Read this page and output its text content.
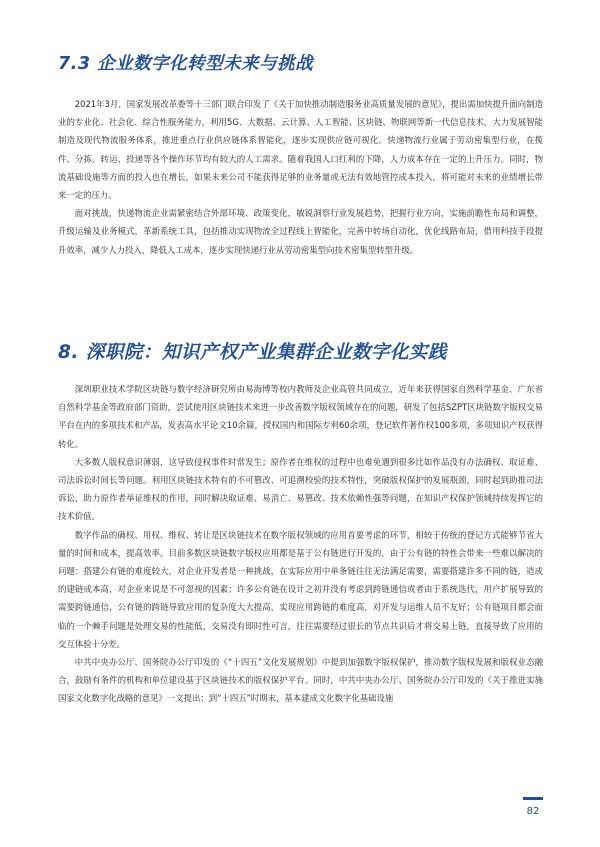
7.3 企业数字化转型未来与挑战

2021年3月，国家发展改革委等十三部门联合印发了《关于加快推动制造服务业高质量发展的意见》，提出需加快提升面向制造业的专业化、社会化、综合性服务能力，利用5G、大数据、云计算、人工智能、区块链、物联网等新一代信息技术，大力发展智能制造及现代物流服务体系，推进重点行业供应链体系智能化，逐步实现供应链可视化。快递物流行业属于劳动密集型行业，在揽件、分拣、转运、投递等各个操作环节均有较大的人工需求。随着我国人口红利的下降，人力成本存在一定的上升压力。同时，物流基础设施等方面的投入也在增长，如果未来公司不能获得足够的业务量或无法有效地管控成本投入，将可能对未来的业绩增长带来一定的压力。

面对挑战，快递物流企业需紧密结合外部环境、政策变化，敏锐洞察行业发展趋势，把握行业方向，实施前瞻性布局和调整，升级运输及业务模式，革新系统工具，包括推动实现物流全过程线上智能化，完善中转场自动化，优化线路布局，借用科技手段提升效率，减少人力投入，降低人工成本，逐步实现快递行业从劳动密集型向技术密集型转型升级。

8. 深职院：知识产权产业集群企业数字化实践

深圳职业技术学院区块链与数字经济研究所由易海博等校内教师及企业高管共同成立，近年来获得国家自然科学基金、广东省自然科学基金等政府部门资助，尝试使用区块链技术来进一步改善数字版权领域存在的问题，研发了包括SZPT区块链数字版权交易平台在内的多项技术和产品，发表高水平论文10余篇，授权国内和国际专利60余项，登记软件著作权100多项，多项知识产权获得转化。

大多数人版权意识薄弱，这导致侵权事件时常发生；原作者在维权的过程中也难免遇到很多比如作品没有办法确权、取证难、司法诉讼时间长等问题。利用区块链技术特有的不可篡改、可追溯校验的技术特性，突破版权保护的发展瓶颈，同时起到助推司法诉讼，助力原作者举证维权的作用，同时解决取证难、易消亡、易篡改、技术依赖性强等问题，在知识产权保护领域持续发挥它的技术价值。

数字作品的确权、用权、维权、转让是区块链技术在数字版权领域的应用首要考虑的环节，相较于传统的登记方式能够节省大量的时间和成本，提高效率。目前多数区块链数字版权应用都是基于公有链进行开发的，由于公有链的特性会带来一些难以解决的问题：搭建公有链的难度较大，对企业开发者是一种挑战，在实际应用中单条链往往无法满足需要，需要搭建许多不同的链，造成的建链成本高，对企业来说是不可忽视的因素；许多公有链在设计之初并没有考虑到跨链通信或者由于系统迭代，用户扩展导致的需要跨链通信，公有链的跨链导致应用的复杂度大大提高，实现应用跨链的难度高，对开发与运维人员不友好；公有链项目都会面临的一个棘手问题是处理交易的性能低，交易没有即时性可言，往往需要经过很长的节点共识后才将交易上链，直接导致了应用的交互体验十分差。

中共中央办公厅、国务院办公厅印发的《“十四五”文化发展规划》中提到加强数字版权保护，推动数字版权发展和版权业态融合，鼓励有条件的机构和单位建设基于区块链技术的版权保护平台。同时，中共中央办公厅、国务院办公厅印发的《关于推进实施国家文化数字化战略的意见》一文提出：到“十四五”时期末，基本建成文化数字化基础设施

82
